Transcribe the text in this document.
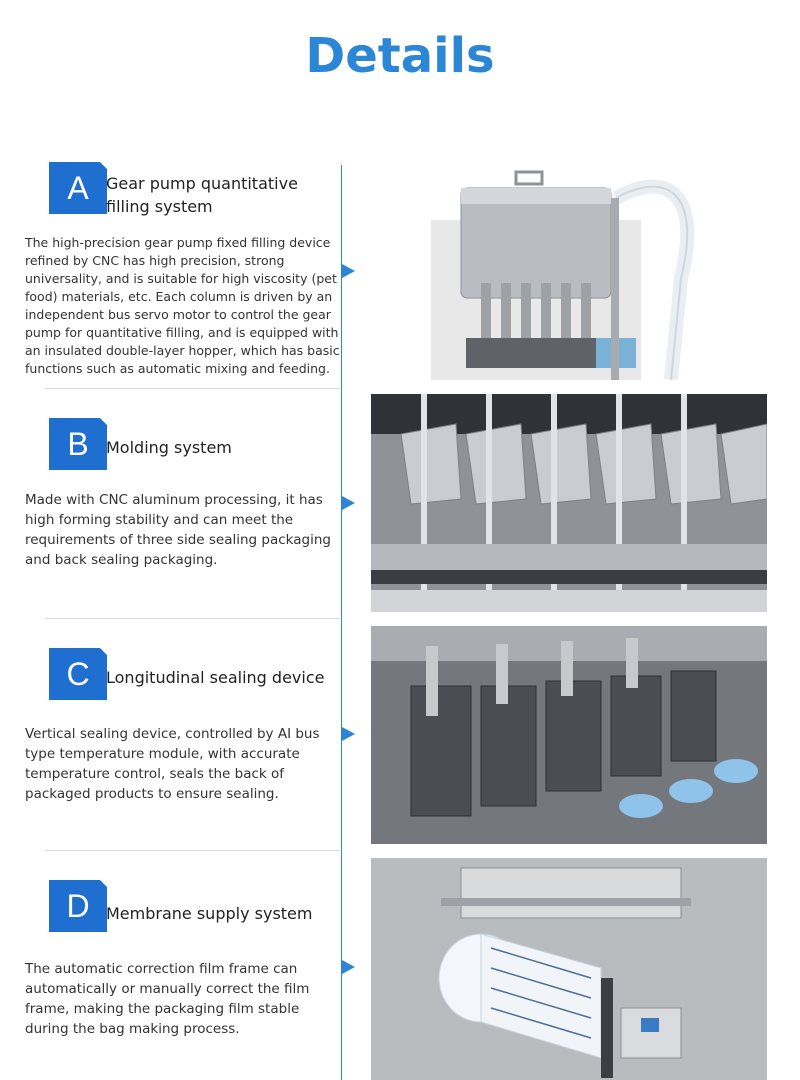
Details
A	Gear pump quantitative
filling system
The high-precision gear pump fixed filling device refined by CNC has high precision, strong universality, and is suitable for high viscosity (pet food) materials, etc. Each column is driven by an independent bus servo motor to control the gear pump for quantitative filling, and is equipped with an insulated double-layer hopper, which has basic functions such as automatic mixing and feeding.
B	Molding system
Made with CNC aluminum processing, it has high forming stability and can meet the requirements of three side sealing packaging and back sealing packaging.
C	Longitudinal sealing device
Vertical sealing device, controlled by AI bus type temperature module, with accurate temperature control, seals the back of packaged products to ensure sealing.
D	Membrane supply system
The automatic correction film frame can automatically or manually correct the film frame, making the packaging film stable during the bag making process.
